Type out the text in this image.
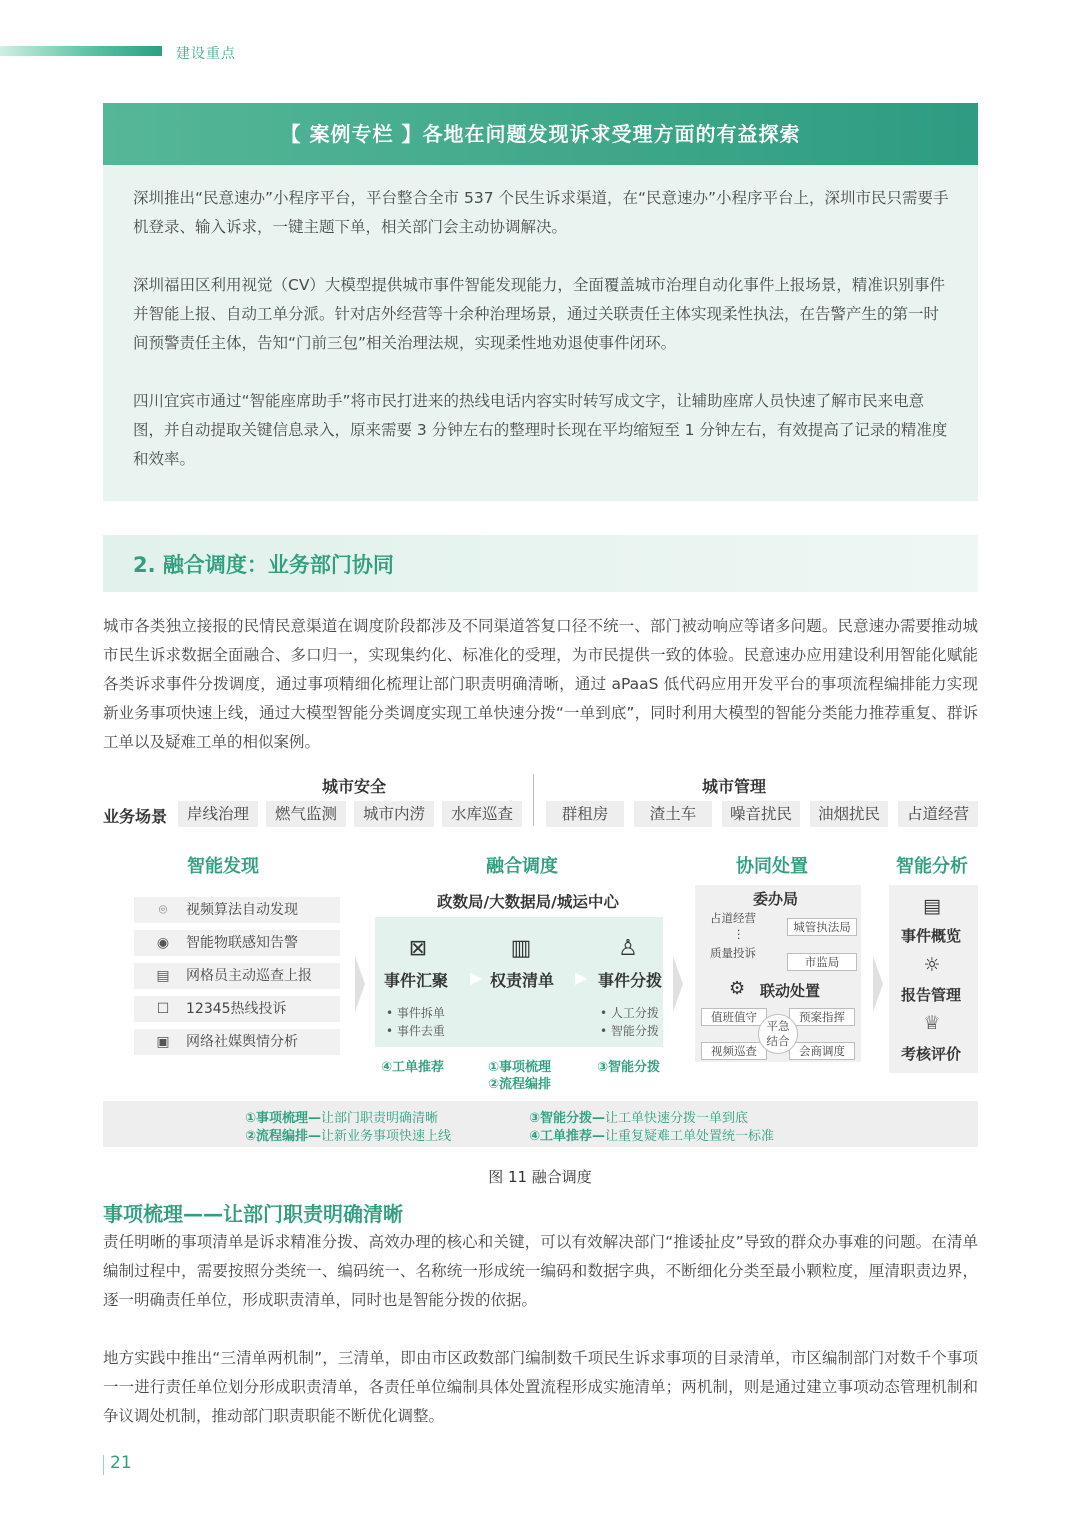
建设重点
【 案例专栏 】各地在问题发现诉求受理方面的有益探索
深圳推出“民意速办”小程序平台，平台整合全市 537 个民生诉求渠道，在“民意速办”小程序平台上，深圳市民只需要手机登录、输入诉求，一键主题下单，相关部门会主动协调解决。
深圳福田区利用视觉（CV）大模型提供城市事件智能发现能力，全面覆盖城市治理自动化事件上报场景，精准识别事件并智能上报、自动工单分派。针对店外经营等十余种治理场景，通过关联责任主体实现柔性执法，在告警产生的第一时间预警责任主体，告知“门前三包”相关治理法规，实现柔性地劝退使事件闭环。
四川宜宾市通过“智能座席助手”将市民打进来的热线电话内容实时转写成文字，让辅助座席人员快速了解市民来电意图，并自动提取关键信息录入，原来需要 3 分钟左右的整理时长现在平均缩短至 1 分钟左右，有效提高了记录的精准度和效率。
2. 融合调度：业务部门协同
城市各类独立接报的民情民意渠道在调度阶段都涉及不同渠道答复口径不统一、部门被动响应等诸多问题。民意速办需要推动城市民生诉求数据全面融合、多口归一，实现集约化、标准化的受理，为市民提供一致的体验。民意速办应用建设利用智能化赋能各类诉求事件分拨调度，通过事项精细化梳理让部门职责明确清晰，通过 aPaaS 低代码应用开发平台的事项流程编排能力实现新业务事项快速上线，通过大模型智能分类调度实现工单快速分拨“一单到底”，同时利用大模型的智能分类能力推荐重复、群诉工单以及疑难工单的相似案例。
城市安全	城市管理
业务场景	岸线治理	燃气监测	城市内涝	水库巡查	群租房	渣土车	噪音扰民	油烟扰民	占道经营
智能发现	融合调度	协同处置	智能分析
⌾	视频算法自动发现
◉ 智能物联感知告警
▤ 网格员主动巡查上报
☐ 12345热线投诉
▣ 网络社媒舆情分析
政数局/大数据局/城运中心
⊠	▥	♙
事件汇聚	权责清单	事件分拨
▶	▶
• 事件拆单
• 事件去重
• 人工分拨
• 智能分拨
④工单推荐	①事项梳理
②流程编排
③智能分拨
委办局
占道经营
⋮
质量投诉
城管执法局
市监局
⚙ 联动处置
值班值守	预案指挥
视频巡查	会商调度
平急
结合
▤
事件概览
☼
报告管理
♕
考核评价
①事项梳理—让部门职责明确清晰
②流程编排—让新业务事项快速上线
③智能分拨—让工单快速分拨一单到底
④工单推荐—让重复疑难工单处置统一标准
图 11 融合调度
事项梳理——让部门职责明确清晰
责任明晰的事项清单是诉求精准分拨、高效办理的核心和关键，可以有效解决部门“推诿扯皮”导致的群众办事难的问题。在清单编制过程中，需要按照分类统一、编码统一、名称统一形成统一编码和数据字典，不断细化分类至最小颗粒度，厘清职责边界，逐一明确责任单位，形成职责清单，同时也是智能分拨的依据。
地方实践中推出“三清单两机制”，三清单，即由市区政数部门编制数千项民生诉求事项的目录清单，市区编制部门对数千个事项一一进行责任单位划分形成职责清单，各责任单位编制具体处置流程形成实施清单；两机制，则是通过建立事项动态管理机制和争议调处机制，推动部门职责职能不断优化调整。
21
